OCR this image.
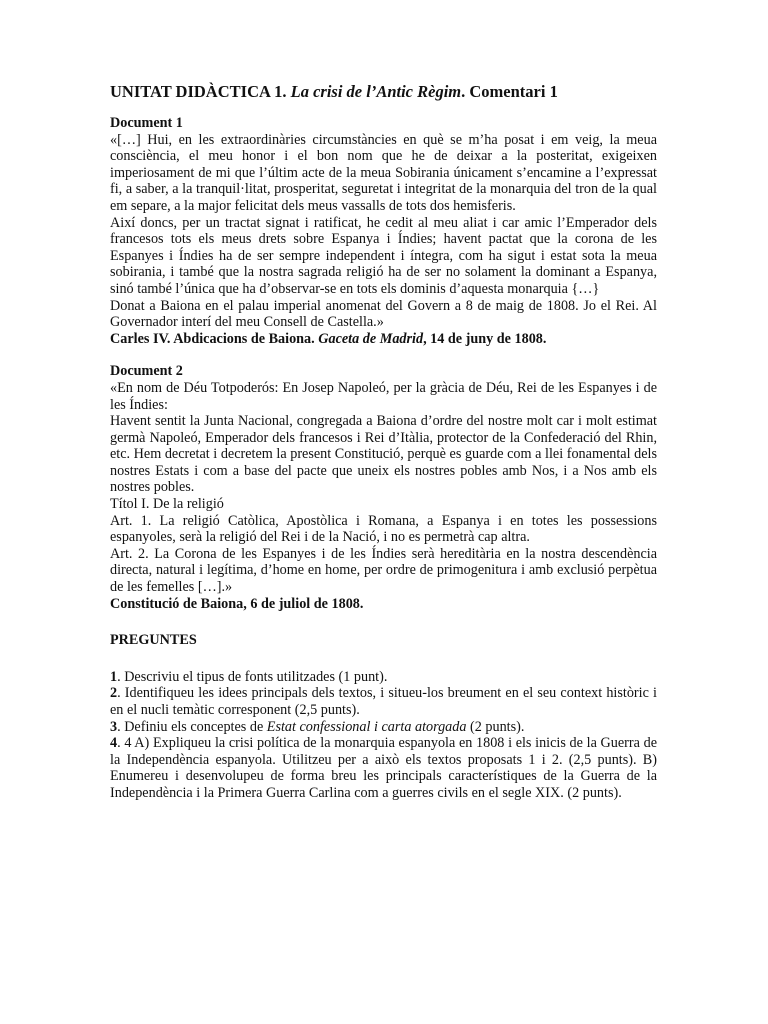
UNITAT DIDÀCTICA 1. La crisi de l’Antic Règim. Comentari 1
Document 1

«[…] Hui, en les extraordinàries circumstàncies en què se m’ha posat i em veig, la meua consciència, el meu honor i el bon nom que he de deixar a la posteritat, exigeixen imperiosament de mi que l’últim acte de la meua Sobirania únicament s’encamine a l’expressat fi, a saber, a la tranquil·litat, prosperitat, seguretat i integritat de la monarquia del tron de la qual em separe, a la major felicitat dels meus vassalls de tots dos hemisferis.

Així doncs, per un tractat signat i ratificat, he cedit al meu aliat i car amic l’Emperador dels francesos tots els meus drets sobre Espanya i Índies; havent pactat que la corona de les Espanyes i Índies ha de ser sempre independent i íntegra, com ha sigut i estat sota la meua sobirania, i també que la nostra sagrada religió ha de ser no solament la dominant a Espanya, sinó també l’única que ha d’observar-se en tots els dominis d’aquesta monarquia {…}

Donat a Baiona en el palau imperial anomenat del Govern a 8 de maig de 1808. Jo el Rei. Al Governador interí del meu Consell de Castella.»

Carles IV. Abdicacions de Baiona. Gaceta de Madrid, 14 de juny de 1808.
Document 2

«En nom de Déu Totpoderós: En Josep Napoleó, per la gràcia de Déu, Rei de les Espanyes i de les Índies:

Havent sentit la Junta Nacional, congregada a Baiona d’ordre del nostre molt car i molt estimat germà Napoleó, Emperador dels francesos i Rei d’Itàlia, protector de la Confederació del Rhin, etc. Hem decretat i decretem la present Constitució, perquè es guarde com a llei fonamental dels nostres Estats i com a base del pacte que uneix els nostres pobles amb Nos, i a Nos amb els nostres pobles.

Títol I. De la religió

Art. 1. La religió Catòlica, Apostòlica i Romana, a Espanya i en totes les possessions espanyoles, serà la religió del Rei i de la Nació, i no es permetrà cap altra.

Art. 2. La Corona de les Espanyes i de les Índies serà hereditària en la nostra descendència directa, natural i legítima, d’home en home, per ordre de primogenitura i amb exclusió perpètua de les femelles […].»

Constitució de Baiona, 6 de juliol de 1808.
PREGUNTES

1. Descriviu el tipus de fonts utilitzades (1 punt).

2. Identifiqueu les idees principals dels textos, i situeu-los breument en el seu context històric i en el nucli temàtic corresponent (2,5 punts).

3. Definiu els conceptes de Estat confessional i carta atorgada (2 punts).

4. 4 A) Expliqueu la crisi política de la monarquia espanyola en 1808 i els inicis de la Guerra de la Independència espanyola. Utilitzeu per a això els textos proposats 1 i 2. (2,5 punts). B) Enumereu i desenvolupeu de forma breu les principals característiques de la Guerra de la Independència i la Primera Guerra Carlina com a guerres civils en el segle XIX. (2 punts).
